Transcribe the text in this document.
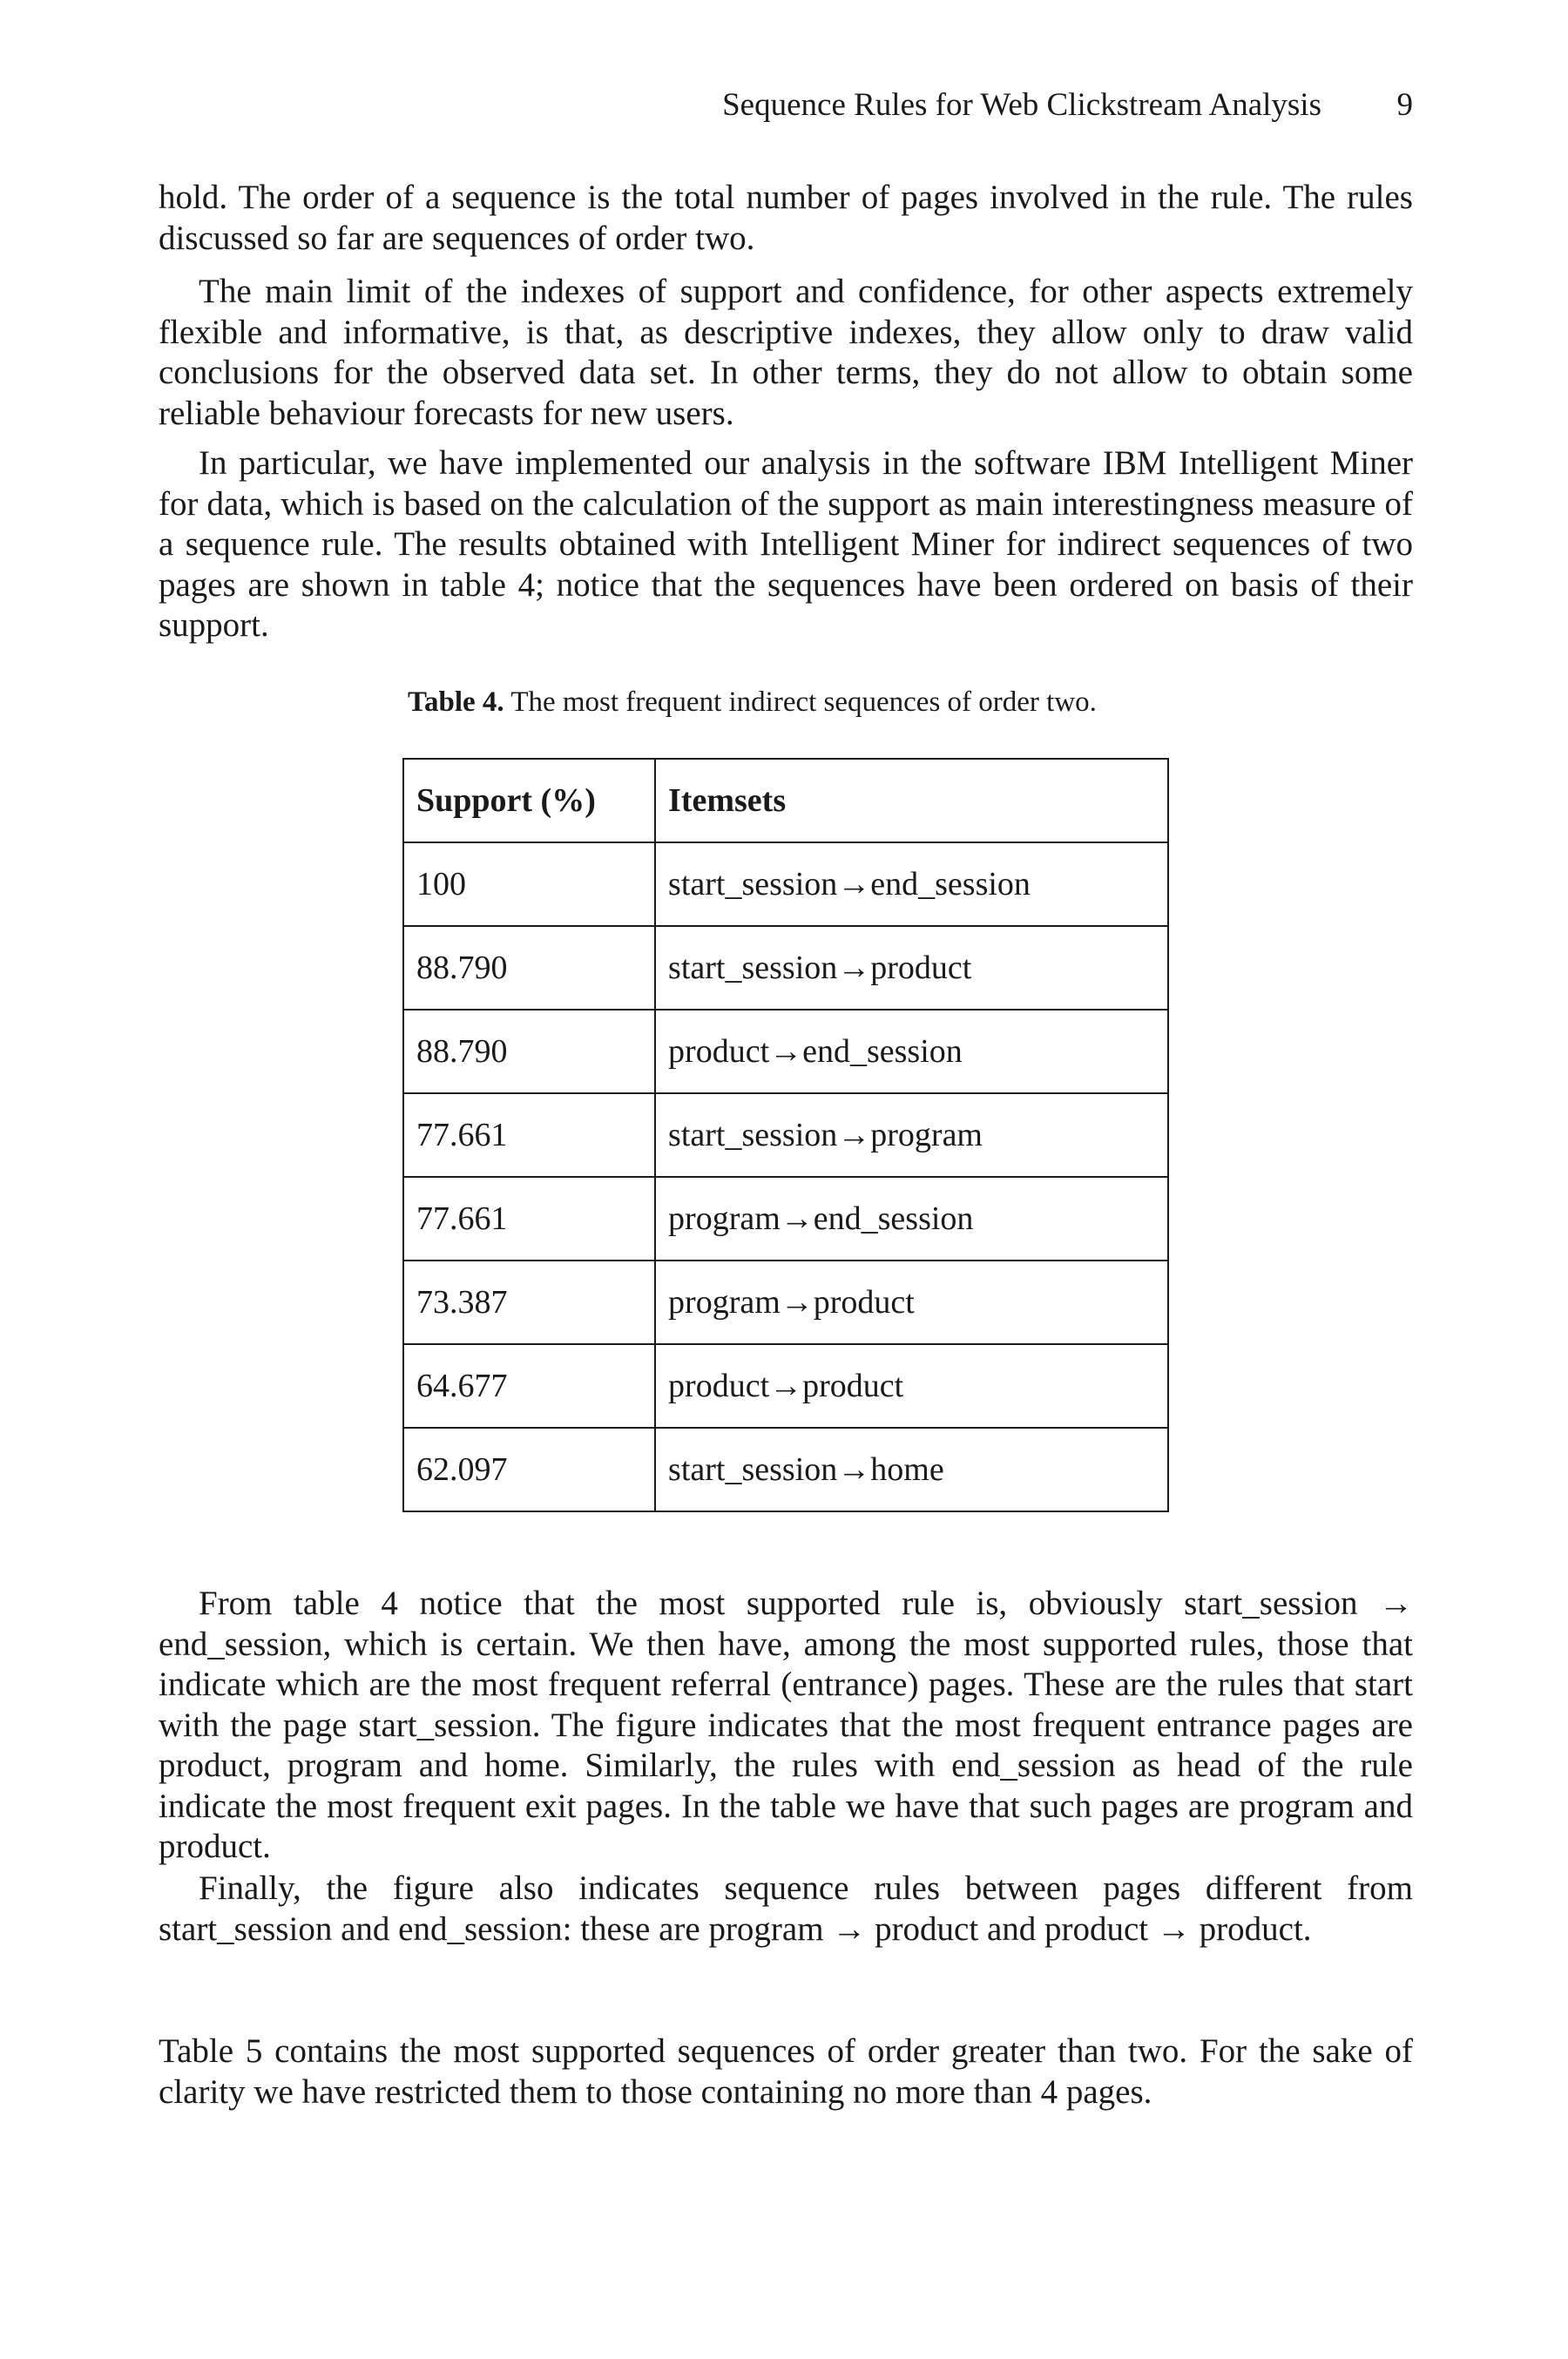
Sequence Rules for Web Clickstream Analysis 9

hold. The order of a sequence is the total number of pages involved in the rule. The rules discussed so far are sequences of order two.

The main limit of the indexes of support and confidence, for other aspects extremely flexible and informative, is that, as descriptive indexes, they allow only to draw valid conclusions for the observed data set. In other terms, they do not allow to obtain some reliable behaviour forecasts for new users.

In particular, we have implemented our analysis in the software IBM Intelligent Miner for data, which is based on the calculation of the support as main interestingness measure of a sequence rule. The results obtained with Intelligent Miner for indirect sequences of two pages are shown in table 4; notice that the sequences have been ordered on basis of their support.

Table 4. The most frequent indirect sequences of order two.
Support (%)	Itemsets
100	start_session→end_session
88.790	start_session→product
88.790	product→end_session
77.661	start_session→program
77.661	program→end_session
73.387	program→product
64.677	product→product
62.097	start_session→home

From table 4 notice that the most supported rule is, obviously start_session → end_session, which is certain. We then have, among the most supported rules, those that indicate which are the most frequent referral (entrance) pages. These are the rules that start with the page start_session. The figure indicates that the most frequent entrance pages are product, program and home. Similarly, the rules with end_session as head of the rule indicate the most frequent exit pages. In the table we have that such pages are program and product.

Finally, the figure also indicates sequence rules between pages different from start_session and end_session: these are program → product and product → product.

Table 5 contains the most supported sequences of order greater than two. For the sake of clarity we have restricted them to those containing no more than 4 pages.
